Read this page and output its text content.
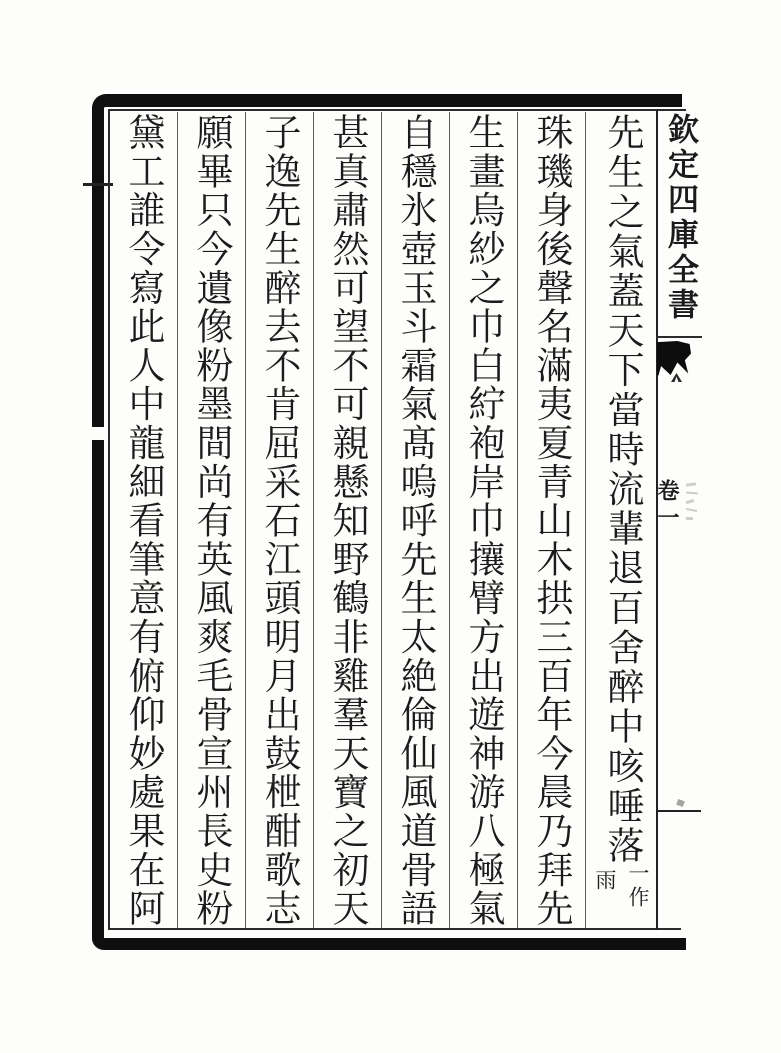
欽定四庫全書
卷一
先生之氣蓋天下當時流輩退百舍醉中咳唾落
珠璣身後聲名滿夷夏青山木拱三百年今晨乃拜先
生畫烏紗之巾白紵袍岸巾攘臂方出遊神游八極氣
自穩氷壺玉斗霜氣髙嗚呼先生太絶倫仙風道骨語
甚真肅然可望不可親懸知野鶴非雞羣天寶之初天
子逸先生醉去不肯屈采石江頭明月出鼓枻酣歌志
願畢只今遺像粉墨間尚有英風爽毛骨宣州長史粉
黛工誰令寫此人中龍細看筆意有俯仰妙處果在阿	一作
雨
